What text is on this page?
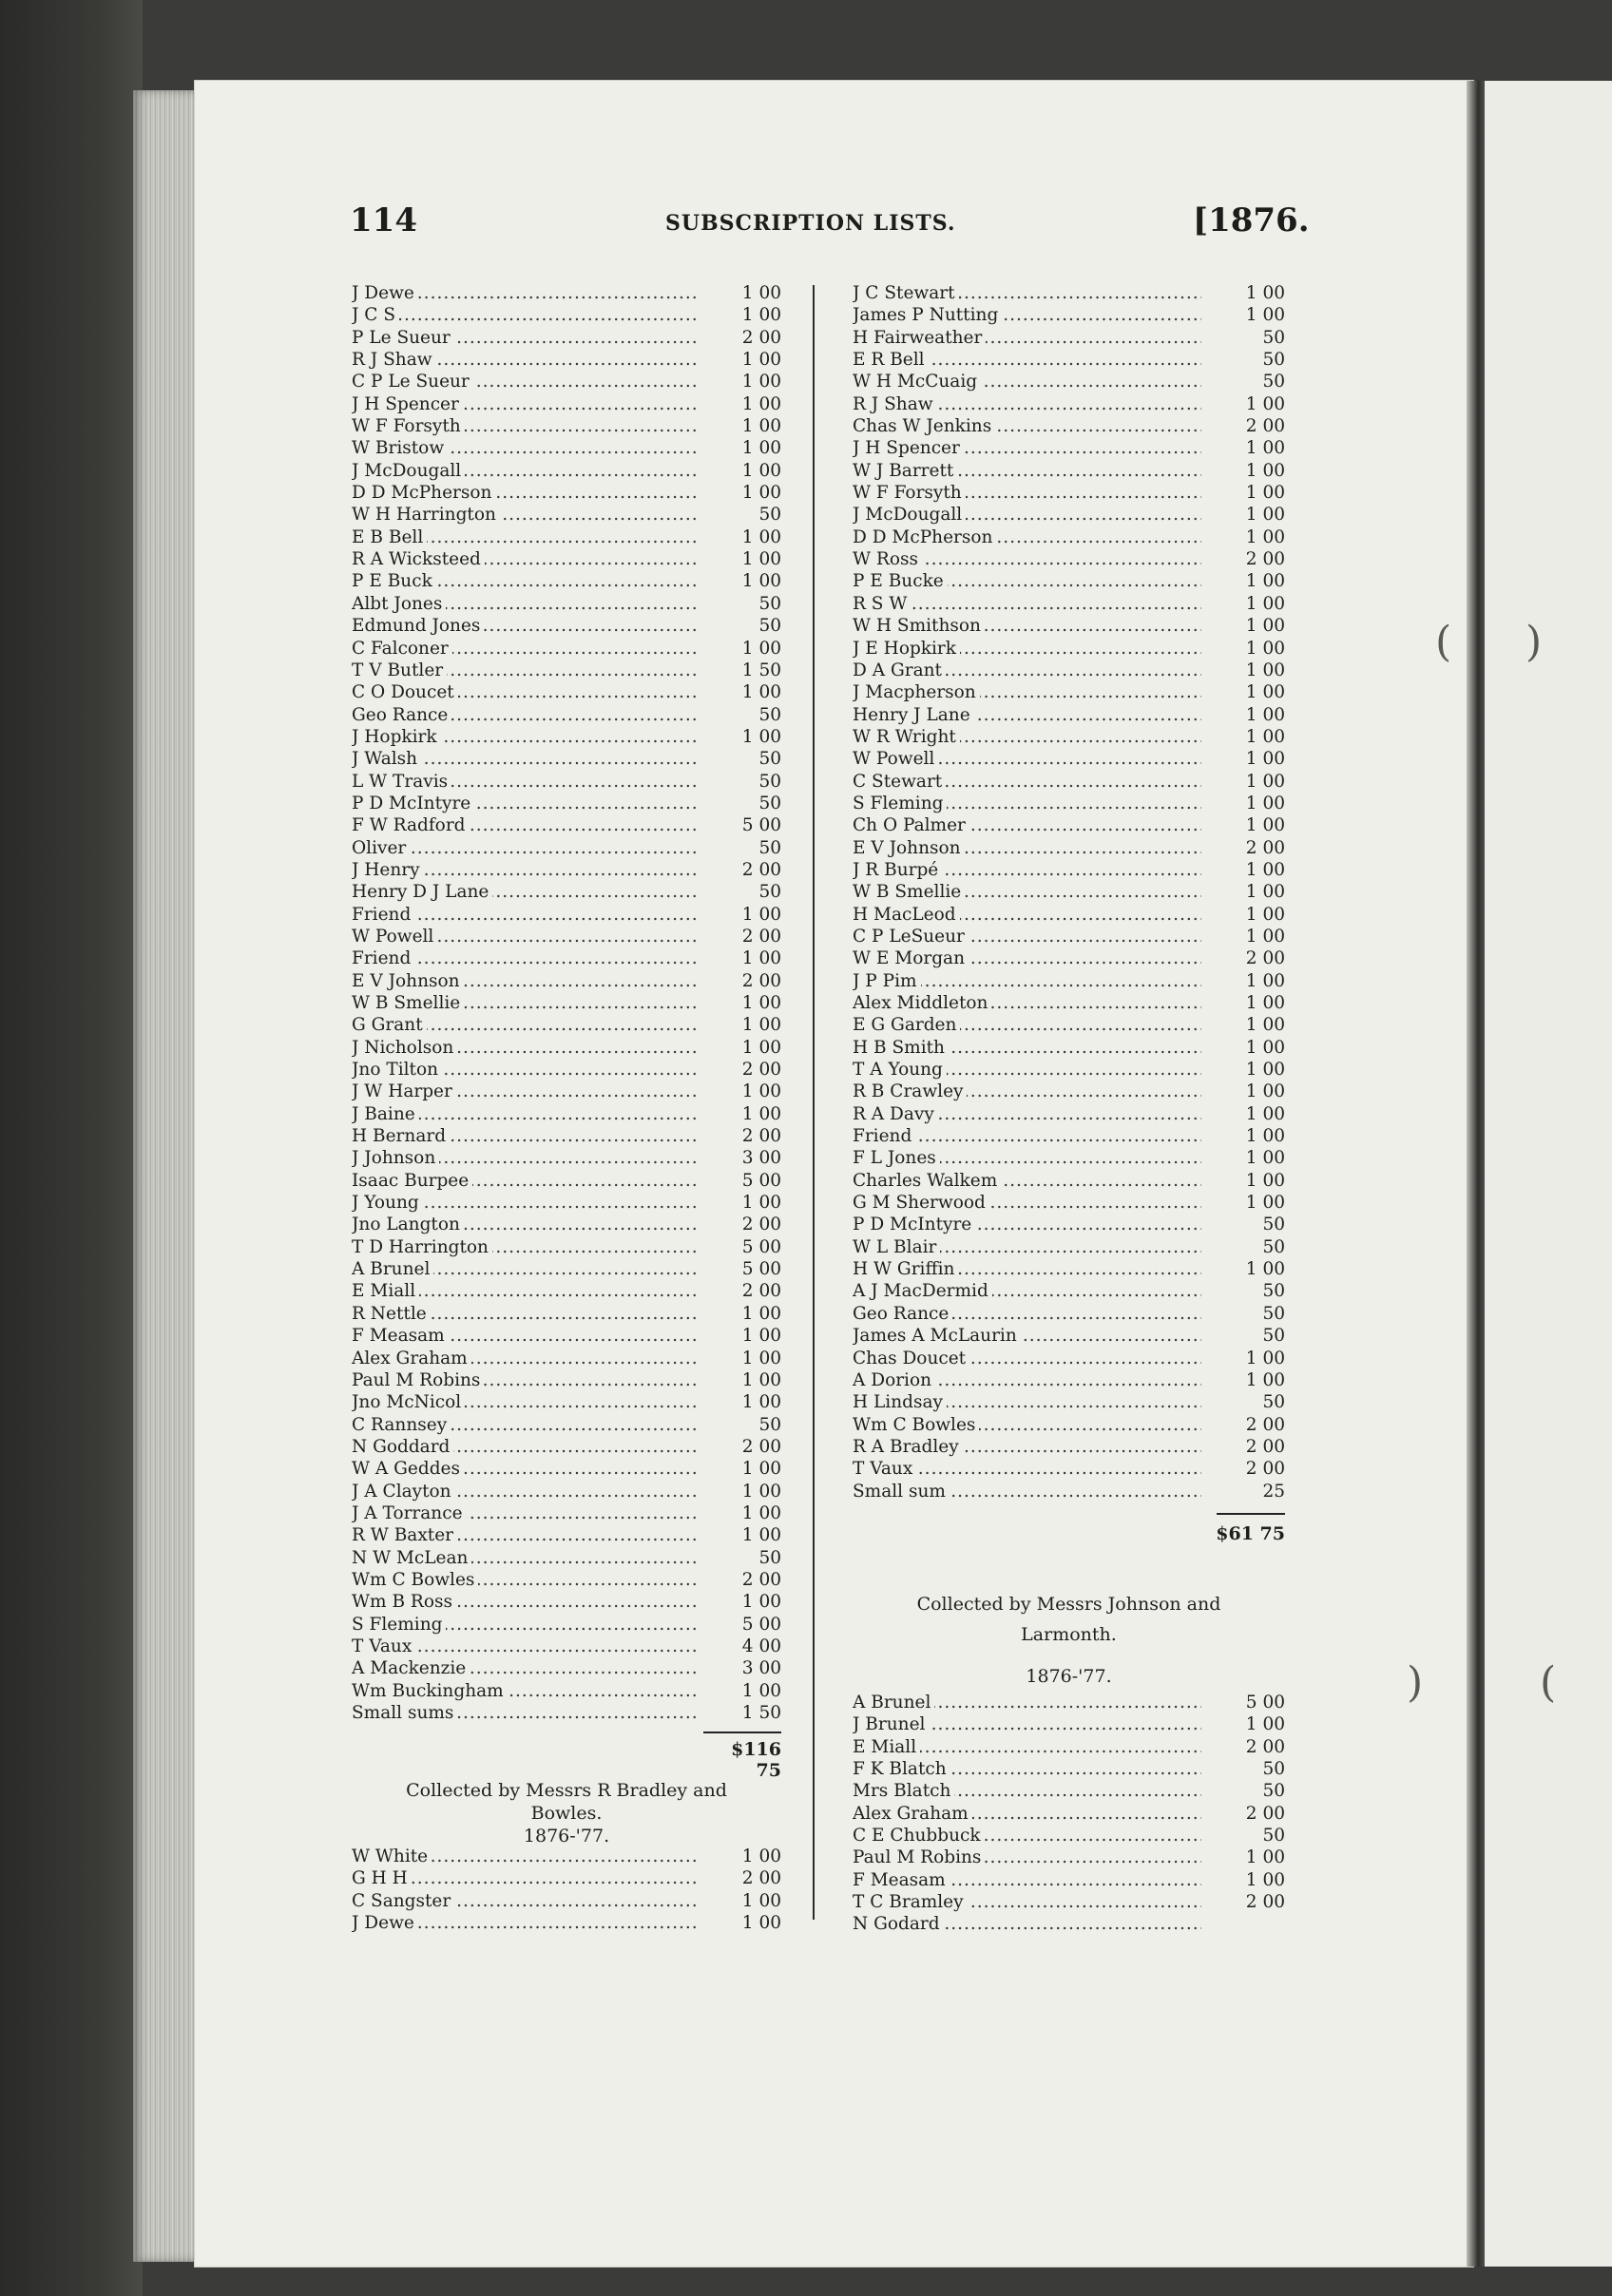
( )
)	(
114	SUBSCRIPTION LISTS.	[1876.
.....
J Dewe	1 00
.....
J C S	1 00
.....
P Le Sueur	2 00
.....
R J Shaw	1 00
.....
C P Le Sueur	1 00
.....
J H Spencer	1 00
.....
W F Forsyth	1 00
.....
W Bristow	1 00
.....
J McDougall	1 00
.....
D D McPherson	1 00
.....
W H Harrington	50
.....
E B Bell	1 00
.....
R A Wicksteed	1 00
.....
P E Buck	1 00
.....
Albt Jones	50
.....
Edmund Jones	50
.....
C Falconer	1 00
.....
T V Butler	1 50
.....
C O Doucet	1 00
.....
Geo Rance	50
.....
J Hopkirk	1 00
.....
J Walsh	50
.....
L W Travis	50
.....
P D McIntyre	50
.....
F W Radford	5 00
.....
Oliver	50
.....
J Henry	2 00
.....
Henry D J Lane	50
.....
Friend	1 00
.....
W Powell	2 00
.....
Friend	1 00
.....
E V Johnson	2 00
.....
W B Smellie	1 00
.....
G Grant	1 00
.....
J Nicholson	1 00
.....
Jno Tilton	2 00
.....
J W Harper	1 00
.....
J Baine	1 00
.....
H Bernard	2 00
.....
J Johnson	3 00
.....
Isaac Burpee	5 00
.....
J Young	1 00
.....
Jno Langton	2 00
.....
T D Harrington	5 00
.....
A Brunel	5 00
.....
E Miall	2 00
.....
R Nettle	1 00
.....
F Measam	1 00
.....
Alex Graham	1 00
.....
Paul M Robins	1 00
.....
Jno McNicol	1 00
.....
C Rannsey	50
.....
N Goddard	2 00
.....
W A Geddes	1 00
.....
J A Clayton	1 00
.....
J A Torrance	1 00
.....
R W Baxter	1 00
.....
N W McLean	50
.....
Wm C Bowles	2 00
.....
Wm B Ross	1 00
.....
S Fleming	5 00
.....
T Vaux	4 00
.....
A Mackenzie	3 00
.....
Wm Buckingham	1 00
.....
Small sums	1 50
$116 75
Collected by Messrs R Bradley and
Bowles.
1876-'77.
.....
W White	1 00
.....
G H H	2 00
.....
C Sangster	1 00
.....
J Dewe	1 00
.....
J C Stewart	1 00
.....
James P Nutting	1 00
.....
H Fairweather	50
.....
E R Bell	50
.....
W H McCuaig	50
.....
R J Shaw	1 00
.....
Chas W Jenkins	2 00
.....
J H Spencer	1 00
.....
W J Barrett	1 00
.....
W F Forsyth	1 00
.....
J McDougall	1 00
.....
D D McPherson	1 00
.....
W Ross	2 00
.....
P E Bucke	1 00
.....
R S W	1 00
.....
W H Smithson	1 00
.....
J E Hopkirk	1 00
.....
D A Grant	1 00
.....
J Macpherson	1 00
.....
Henry J Lane	1 00
.....
W R Wright	1 00
.....
W Powell	1 00
.....
C Stewart	1 00
.....
S Fleming	1 00
.....
Ch O Palmer	1 00
.....
E V Johnson	2 00
.....
J R Burpé	1 00
.....
W B Smellie	1 00
.....
H MacLeod	1 00
.....
C P LeSueur	1 00
.....
W E Morgan	2 00
.....
J P Pim	1 00
.....
Alex Middleton	1 00
.....
E G Garden	1 00
.....
H B Smith	1 00
.....
T A Young	1 00
.....
R B Crawley	1 00
.....
R A Davy	1 00
.....
Friend	1 00
.....
F L Jones	1 00
.....
Charles Walkem	1 00
.....
G M Sherwood	1 00
.....
P D McIntyre	50
.....
W L Blair	50
.....
H W Griffin	1 00
.....
A J MacDermid	50
.....
Geo Rance	50
.....
James A McLaurin	50
.....
Chas Doucet	1 00
.....
A Dorion	1 00
.....
H Lindsay	50
.....
Wm C Bowles	2 00
.....
R A Bradley	2 00
.....
T Vaux	2 00
.....
Small sum	25
$61 75
Collected by Messrs Johnson and
Larmonth.
1876-'77.
.....
A Brunel	5 00
.....
J Brunel	1 00
.....
E Miall	2 00
.....
F K Blatch	50
.....
Mrs Blatch	50
.....
Alex Graham	2 00
.....
C E Chubbuck	50
.....
Paul M Robins	1 00
.....
F Measam	1 00
.....
T C Bramley	2 00
.....
N Godard
